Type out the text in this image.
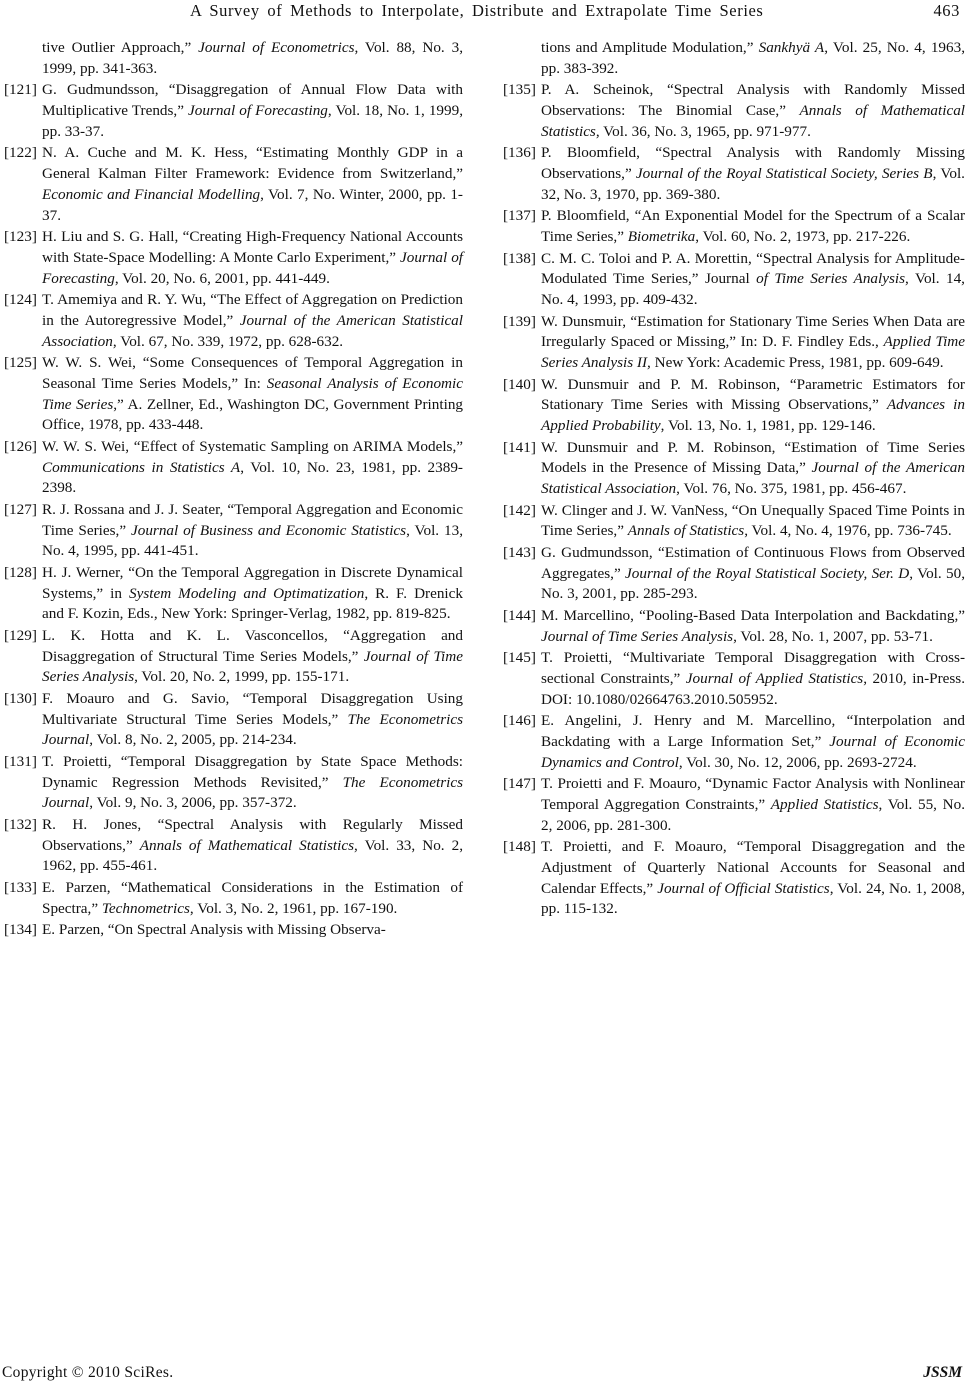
A Survey of Methods to Interpolate, Distribute and Extrapolate Time Series	463
tive Outlier Approach,” Journal of Econometrics, Vol. 88, No. 3, 1999, pp. 341-363.
[121] G. Gudmundsson, “Disaggregation of Annual Flow Data with Multiplicative Trends,” Journal of Forecasting, Vol. 18, No. 1, 1999, pp. 33-37.
[122] N. A. Cuche and M. K. Hess, “Estimating Monthly GDP in a General Kalman Filter Framework: Evidence from Switzerland,” Economic and Financial Modelling, Vol. 7, No. Winter, 2000, pp. 1-37.
[123] H. Liu and S. G. Hall, “Creating High-Frequency National Accounts with State-Space Modelling: A Monte Carlo Experiment,” Journal of Forecasting, Vol. 20, No. 6, 2001, pp. 441-449.
[124] T. Amemiya and R. Y. Wu, “The Effect of Aggregation on Prediction in the Autoregressive Model,” Journal of the American Statistical Association, Vol. 67, No. 339, 1972, pp. 628-632.
[125] W. W. S. Wei, “Some Consequences of Temporal Aggregation in Seasonal Time Series Models,” In: Seasonal Analysis of Economic Time Series,” A. Zellner, Ed., Washington DC, Government Printing Office, 1978, pp. 433-448.
[126] W. W. S. Wei, “Effect of Systematic Sampling on ARIMA Models,” Communications in Statistics A, Vol. 10, No. 23, 1981, pp. 2389-2398.
[127] R. J. Rossana and J. J. Seater, “Temporal Aggregation and Economic Time Series,” Journal of Business and Economic Statistics, Vol. 13, No. 4, 1995, pp. 441-451.
[128] H. J. Werner, “On the Temporal Aggregation in Discrete Dynamical Systems,” in System Modeling and Optimatization, R. F. Drenick and F. Kozin, Eds., New York: Springer-Verlag, 1982, pp. 819-825.
[129] L. K. Hotta and K. L. Vasconcellos, “Aggregation and Disaggregation of Structural Time Series Models,” Journal of Time Series Analysis, Vol. 20, No. 2, 1999, pp. 155-171.
[130] F. Moauro and G. Savio, “Temporal Disaggregation Using Multivariate Structural Time Series Models,” The Econometrics Journal, Vol. 8, No. 2, 2005, pp. 214-234.
[131] T. Proietti, “Temporal Disaggregation by State Space Methods: Dynamic Regression Methods Revisited,” The Econometrics Journal, Vol. 9, No. 3, 2006, pp. 357-372.
[132] R. H. Jones, “Spectral Analysis with Regularly Missed Observations,” Annals of Mathematical Statistics, Vol. 33, No. 2, 1962, pp. 455-461.
[133] E. Parzen, “Mathematical Considerations in the Estimation of Spectra,” Technometrics, Vol. 3, No. 2, 1961, pp. 167-190.
[134] E. Parzen, “On Spectral Analysis with Missing Observa-
tions and Amplitude Modulation,” Sankhyä A, Vol. 25, No. 4, 1963, pp. 383-392.
[135] P. A. Scheinok, “Spectral Analysis with Randomly Missed Observations: The Binomial Case,” Annals of Mathematical Statistics, Vol. 36, No. 3, 1965, pp. 971-977.
[136] P. Bloomfield, “Spectral Analysis with Randomly Missing Observations,” Journal of the Royal Statistical Society, Series B, Vol. 32, No. 3, 1970, pp. 369-380.
[137] P. Bloomfield, “An Exponential Model for the Spectrum of a Scalar Time Series,” Biometrika, Vol. 60, No. 2, 1973, pp. 217-226.
[138] C. M. C. Toloi and P. A. Morettin, “Spectral Analysis for Amplitude-Modulated Time Series,” Journal of Time Series Analysis, Vol. 14, No. 4, 1993, pp. 409-432.
[139] W. Dunsmuir, “Estimation for Stationary Time Series When Data are Irregularly Spaced or Missing,” In: D. F. Findley Eds., Applied Time Series Analysis II, New York: Academic Press, 1981, pp. 609-649.
[140] W. Dunsmuir and P. M. Robinson, “Parametric Estimators for Stationary Time Series with Missing Observations,” Advances in Applied Probability, Vol. 13, No. 1, 1981, pp. 129-146.
[141] W. Dunsmuir and P. M. Robinson, “Estimation of Time Series Models in the Presence of Missing Data,” Journal of the American Statistical Association, Vol. 76, No. 375, 1981, pp. 456-467.
[142] W. Clinger and J. W. VanNess, “On Unequally Spaced Time Points in Time Series,” Annals of Statistics, Vol. 4, No. 4, 1976, pp. 736-745.
[143] G. Gudmundsson, “Estimation of Continuous Flows from Observed Aggregates,” Journal of the Royal Statistical Society, Ser. D, Vol. 50, No. 3, 2001, pp. 285-293.
[144] M. Marcellino, “Pooling-Based Data Interpolation and Backdating,” Journal of Time Series Analysis, Vol. 28, No. 1, 2007, pp. 53-71.
[145] T. Proietti, “Multivariate Temporal Disaggregation with Cross-sectional Constraints,” Journal of Applied Statistics, 2010, in-Press. DOI: 10.1080/02664763.2010.505952.
[146] E. Angelini, J. Henry and M. Marcellino, “Interpolation and Backdating with a Large Information Set,” Journal of Economic Dynamics and Control, Vol. 30, No. 12, 2006, pp. 2693-2724.
[147] T. Proietti and F. Moauro, “Dynamic Factor Analysis with Nonlinear Temporal Aggregation Constraints,” Applied Statistics, Vol. 55, No. 2, 2006, pp. 281-300.
[148] T. Proietti, and F. Moauro, “Temporal Disaggregation and the Adjustment of Quarterly National Accounts for Seasonal and Calendar Effects,” Journal of Official Statistics, Vol. 24, No. 1, 2008, pp. 115-132.
Copyright © 2010 SciRes.	JSSM
